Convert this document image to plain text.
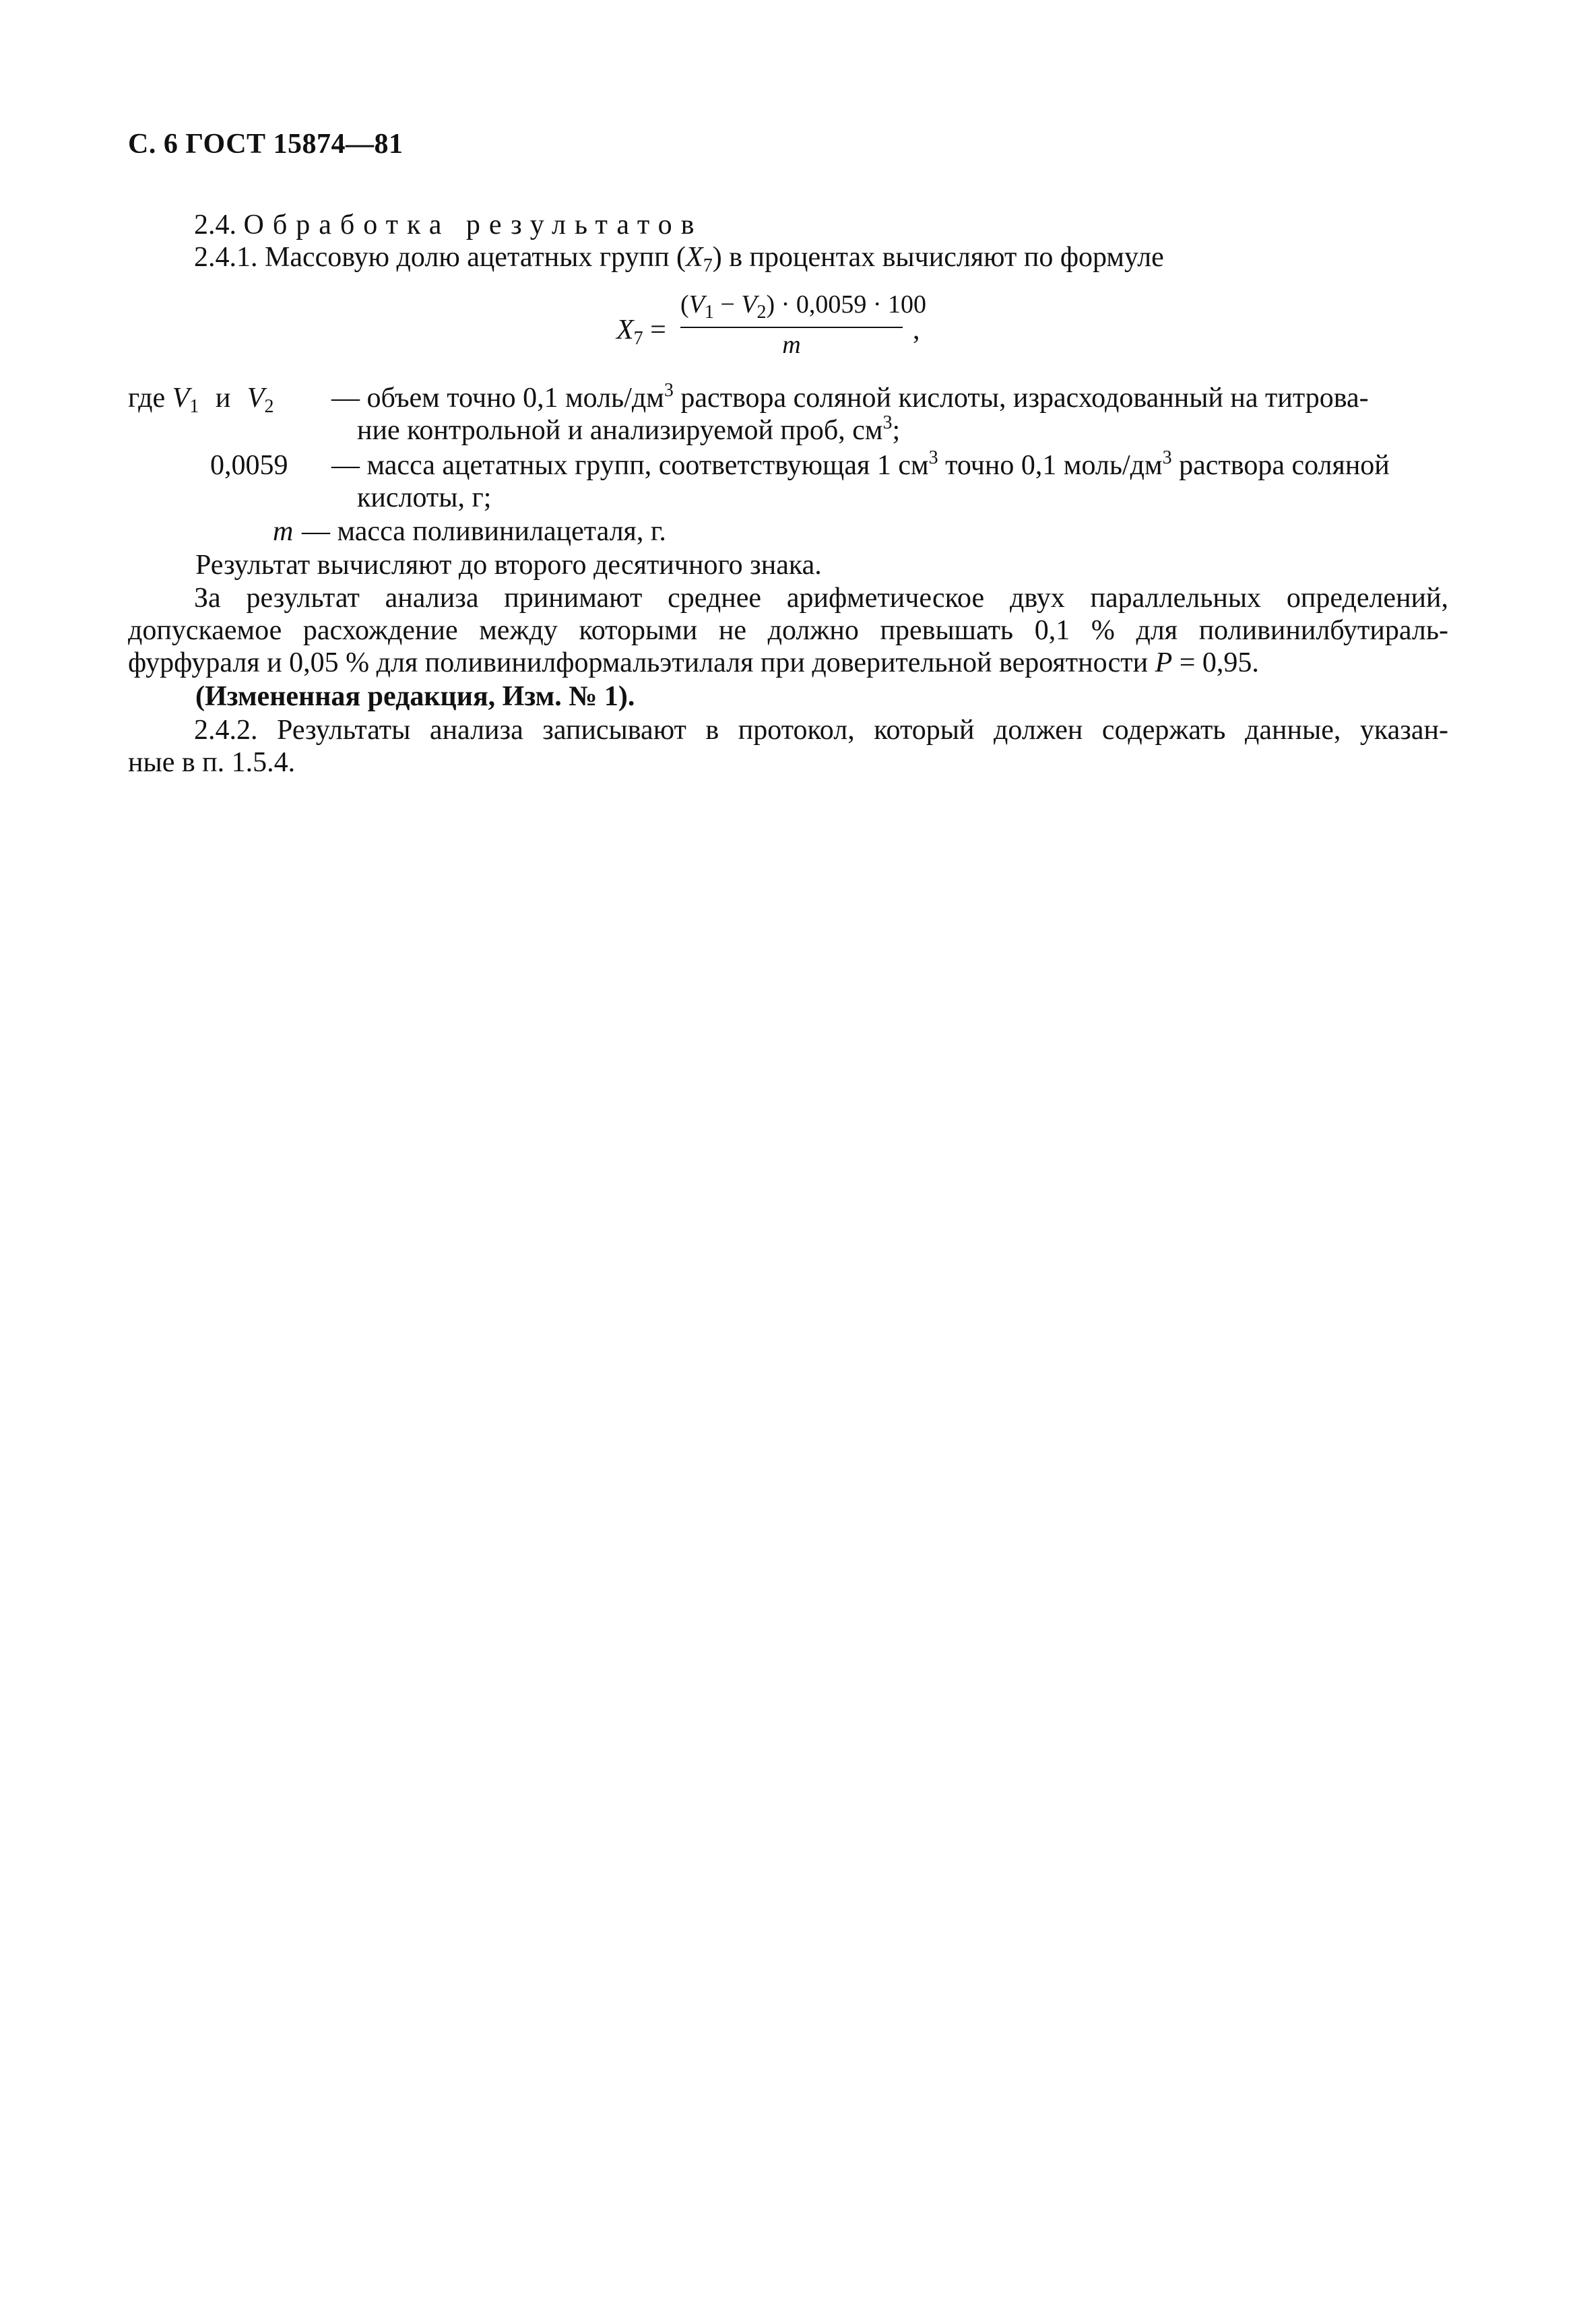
С. 6 ГОСТ 15874—81
2.4. Обработка результатов
2.4.1. Массовую долю ацетатных групп $(X_7)$ в процентах вычисляют по формуле
$X_7$ =
$(V_1 - V_2) \cdot 0,0059 \cdot 100$
m	,
где $V_1$ и $V_2$ — объем точно 0,1 моль/$дм^3$ раствора соляной кислоты, израсходованный на титрова-
ние контрольной и анализируемой проб, $см^3$;
0,0059 — масса ацетатных групп, соответствующая 1 $см^3$ точно 0,1 моль/$дм^3$ раствора соляной
кислоты, г;
m — масса поливинилацеталя, г.
Результат вычисляют до второго десятичного знака.
За результат анализа принимают среднее арифметическое двух параллельных определений,
допускаемое расхождение между которыми не должно превышать 0,1 % для поливинилбутираль-
фурфураля и 0,05 % для поливинилформальэтилаля при доверительной вероятности P = 0,95.
(Измененная редакция, Изм. № 1).
2.4.2. Результаты анализа записывают в протокол, который должен содержать данные, указан-
ные в п. 1.5.4.
